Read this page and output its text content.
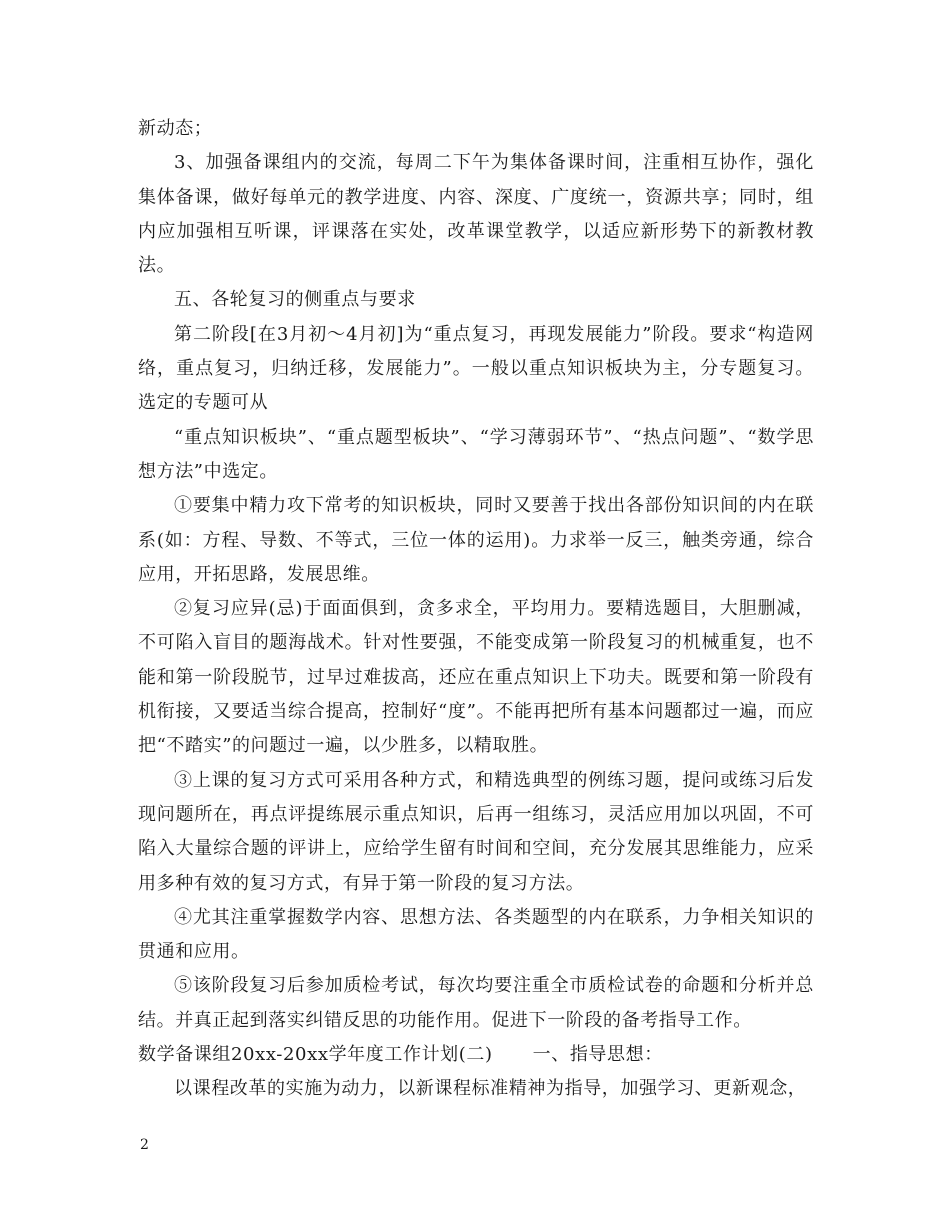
新动态；

3、加强备课组内的交流，每周二下午为集体备课时间，注重相互协作，强化集体备课，做好每单元的教学进度、内容、深度、广度统一，资源共享；同时，组内应加强相互听课，评课落在实处，改革课堂教学，以适应新形势下的新教材教法。

五、各轮复习的侧重点与要求

第二阶段[在3月初～4月初]为“重点复习，再现发展能力”阶段。要求“构造网络，重点复习，归纳迁移，发展能力”。一般以重点知识板块为主，分专题复习。选定的专题可从

“重点知识板块”、“重点题型板块”、“学习薄弱环节”、“热点问题”、“数学思想方法”中选定。

①要集中精力攻下常考的知识板块，同时又要善于找出各部份知识间的内在联系(如：方程、导数、不等式，三位一体的运用)。力求举一反三，触类旁通，综合应用，开拓思路，发展思维。

②复习应异(忌)于面面俱到，贪多求全，平均用力。要精选题目，大胆删减，不可陷入盲目的题海战术。针对性要强，不能变成第一阶段复习的机械重复，也不能和第一阶段脱节，过早过难拔高，还应在重点知识上下功夫。既要和第一阶段有机衔接，又要适当综合提高，控制好“度”。不能再把所有基本问题都过一遍，而应把“不踏实”的问题过一遍，以少胜多，以精取胜。

③上课的复习方式可采用各种方式，和精选典型的例练习题，提问或练习后发现问题所在，再点评提练展示重点知识，后再一组练习，灵活应用加以巩固，不可陷入大量综合题的评讲上，应给学生留有时间和空间，充分发展其思维能力，应采用多种有效的复习方式，有异于第一阶段的复习方法。

④尤其注重掌握数学内容、思想方法、各类题型的内在联系，力争相关知识的贯通和应用。

⑤该阶段复习后参加质检考试，每次均要注重全市质检试卷的命题和分析并总结。并真正起到落实纠错反思的功能作用。促进下一阶段的备考指导工作。

数学备课组20xx-20xx学年度工作计划(二) 一、指导思想：

以课程改革的实施为动力，以新课程标准精神为指导，加强学习、更新观念，

2
